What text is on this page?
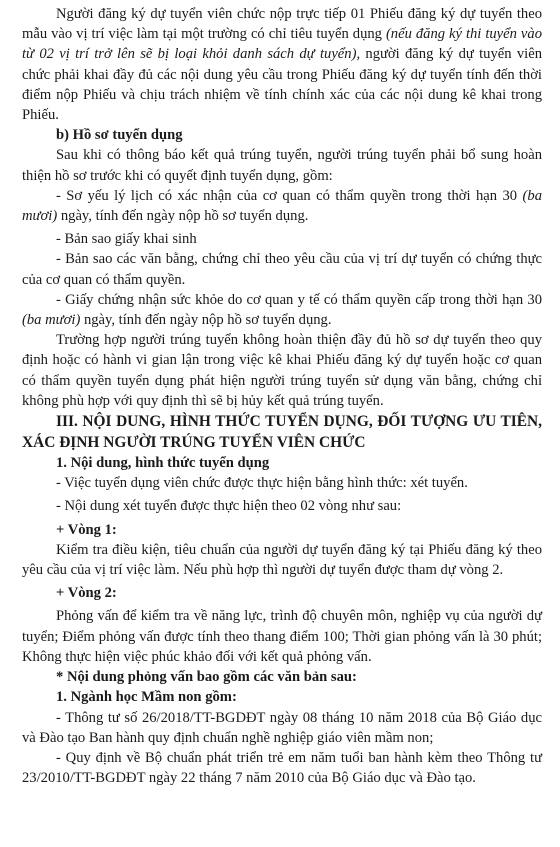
Người đăng ký dự tuyển viên chức nộp trực tiếp 01 Phiếu đăng ký dự tuyển theo mẫu vào vị trí việc làm tại một trường có chỉ tiêu tuyển dụng (nếu đăng ký thi tuyển vào từ 02 vị trí trở lên sẽ bị loại khỏi danh sách dự tuyển), người đăng ký dự tuyển viên chức phải khai đầy đủ các nội dung yêu cầu trong Phiếu đăng ký dự tuyển tính đến thời điểm nộp Phiếu và chịu trách nhiệm về tính chính xác của các nội dung kê khai trong Phiếu.

b) Hồ sơ tuyển dụng

Sau khi có thông báo kết quả trúng tuyển, người trúng tuyển phải bổ sung hoàn thiện hồ sơ trước khi có quyết định tuyển dụng, gồm:

- Sơ yếu lý lịch có xác nhận của cơ quan có thẩm quyền trong thời hạn 30 (ba mươi) ngày, tính đến ngày nộp hồ sơ tuyển dụng.

- Bản sao giấy khai sinh

- Bản sao các văn bằng, chứng chỉ theo yêu cầu của vị trí dự tuyển có chứng thực của cơ quan có thẩm quyền.

- Giấy chứng nhận sức khỏe do cơ quan y tế có thẩm quyền cấp trong thời hạn 30 (ba mươi) ngày, tính đến ngày nộp hồ sơ tuyển dụng.

Trường hợp người trúng tuyển không hoàn thiện đầy đủ hồ sơ dự tuyển theo quy định hoặc có hành vi gian lận trong việc kê khai Phiếu đăng ký dự tuyển hoặc cơ quan có thẩm quyền tuyển dụng phát hiện người trúng tuyển sử dụng văn bằng, chứng chỉ không phù hợp với quy định thì sẽ bị hủy kết quả trúng tuyển.

III. NỘI DUNG, HÌNH THỨC TUYỂN DỤNG, ĐỐI TƯỢNG ƯU TIÊN, XÁC ĐỊNH NGƯỜI TRÚNG TUYỂN VIÊN CHỨC

1. Nội dung, hình thức tuyển dụng

- Việc tuyển dụng viên chức được thực hiện bằng hình thức: xét tuyển.

- Nội dung xét tuyển được thực hiện theo 02 vòng như sau:

+ Vòng 1:

Kiểm tra điều kiện, tiêu chuẩn của người dự tuyển đăng ký tại Phiếu đăng ký theo yêu cầu của vị trí việc làm. Nếu phù hợp thì người dự tuyển được tham dự vòng 2.

+ Vòng 2:

Phỏng vấn để kiểm tra về năng lực, trình độ chuyên môn, nghiệp vụ của người dự tuyển; Điểm phỏng vấn được tính theo thang điểm 100; Thời gian phỏng vấn là 30 phút; Không thực hiện việc phúc khảo đối với kết quả phỏng vấn.

* Nội dung phỏng vấn bao gồm các văn bản sau:

1. Ngành học Mầm non gồm:

- Thông tư số 26/2018/TT-BGDĐT ngày 08 tháng 10 năm 2018 của Bộ Giáo dục và Đào tạo Ban hành quy định chuẩn nghề nghiệp giáo viên mầm non;

- Quy định về Bộ chuẩn phát triển trẻ em năm tuổi ban hành kèm theo Thông tư 23/2010/TT-BGDĐT ngày 22 tháng 7 năm 2010 của Bộ Giáo dục và Đào tạo.
